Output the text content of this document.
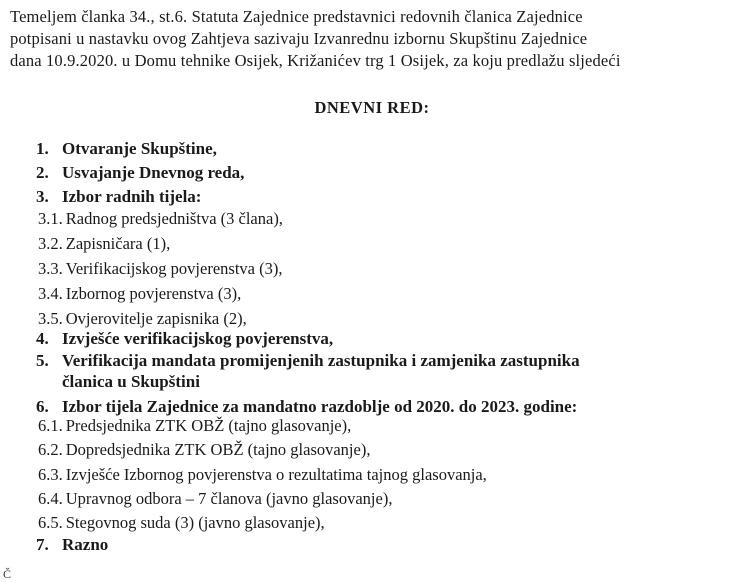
Temeljem članka 34., st.6. Statuta Zajednice predstavnici redovnih članica Zajednice
potpisani u nastavku ovog Zahtjeva sazivaju Izvanrednu izbornu Skupštinu Zajednice
dana 10.9.2020. u Domu tehnike Osijek, Križanićev trg 1 Osijek, za koju predlažu sljedeći
DNEVNI RED:
1. Otvaranje Skupštine,
2. Usvajanje Dnevnog reda,
3. Izbor radnih tijela:
3.1. Radnog predsjedništva (3 člana),
3.2. Zapisničara (1),
3.3. Verifikacijskog povjerenstva (3),
3.4. Izbornog povjerenstva (3),
3.5. Ovjerovitelje zapisnika (2),
4. Izvješće verifikacijskog povjerenstva,
5. Verifikacija mandata promijenjenih zastupnika i zamjenika zastupnika
članica u Skupštini
6. Izbor tijela Zajednice za mandatno razdoblje od 2020. do 2023. godine:
6.1. Predsjednika ZTK OBŽ (tajno glasovanje),
6.2. Dopredsjednika ZTK OBŽ (tajno glasovanje),
6.3. Izvješće Izbornog povjerenstva o rezultatima tajnog glasovanja,
6.4. Upravnog odbora – 7 članova (javno glasovanje),
6.5. Stegovnog suda (3) (javno glasovanje),
7. Razno
Č
